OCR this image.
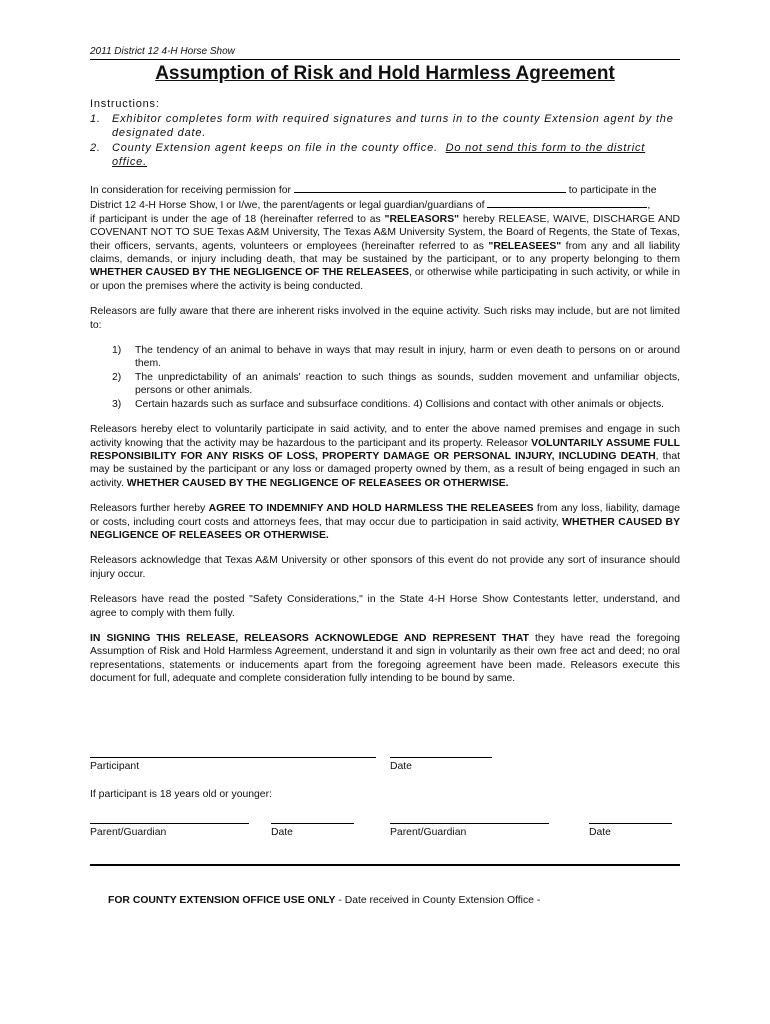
2011 District 12 4-H Horse Show
Assumption of Risk and Hold Harmless Agreement
Instructions:
1. Exhibitor completes form with required signatures and turns in to the county Extension agent by the designated date.
2. County Extension agent keeps on file in the county office. Do not send this form to the district office.

In consideration for receiving permission for	to participate in the
District 12 4-H Horse Show, I or I/we, the parent/agents or legal guardian/guardians of	,
if participant is under the age of 18 (hereinafter referred to as "RELEASORS" hereby RELEASE, WAIVE, DISCHARGE AND COVENANT NOT TO SUE Texas A&M University, The Texas A&M University System, the Board of Regents, the State of Texas, their officers, servants, agents, volunteers or employees (hereinafter referred to as "RELEASEES" from any and all liability claims, demands, or injury including death, that may be sustained by the participant, or to any property belonging to them WHETHER CAUSED BY THE NEGLIGENCE OF THE RELEASEES, or otherwise while participating in such activity, or while in or upon the premises where the activity is being conducted.

Releasors are fully aware that there are inherent risks involved in the equine activity. Such risks may include, but are not limited to:

1) The tendency of an animal to behave in ways that may result in injury, harm or even death to persons on or around them.
2) The unpredictability of an animals' reaction to such things as sounds, sudden movement and unfamiliar objects, persons or other animals.
3) Certain hazards such as surface and subsurface conditions. 4) Collisions and contact with other animals or objects.

Releasors hereby elect to voluntarily participate in said activity, and to enter the above named premises and engage in such activity knowing that the activity may be hazardous to the participant and its property. Releasor VOLUNTARILY ASSUME FULL RESPONSIBILITY FOR ANY RISKS OF LOSS, PROPERTY DAMAGE OR PERSONAL INJURY, INCLUDING DEATH, that may be sustained by the participant or any loss or damaged property owned by them, as a result of being engaged in such an activity. WHETHER CAUSED BY THE NEGLIGENCE OF RELEASEES OR OTHERWISE.

Releasors further hereby AGREE TO INDEMNIFY AND HOLD HARMLESS THE RELEASEES from any loss, liability, damage or costs, including court costs and attorneys fees, that may occur due to participation in said activity, WHETHER CAUSED BY NEGLIGENCE OF RELEASEES OR OTHERWISE.

Releasors acknowledge that Texas A&M University or other sponsors of this event do not provide any sort of insurance should injury occur.

Releasors have read the posted "Safety Considerations," in the State 4-H Horse Show Contestants letter, understand, and agree to comply with them fully.

IN SIGNING THIS RELEASE, RELEASORS ACKNOWLEDGE AND REPRESENT THAT they have read the foregoing Assumption of Risk and Hold Harmless Agreement, understand it and sign in voluntarily as their own free act and deed; no oral representations, statements or inducements apart from the foregoing agreement have been made. Releasors execute this document for full, adequate and complete consideration fully intending to be bound by same.

Participant	Date
If participant is 18 years old or younger:
Parent/Guardian	Date	Parent/Guardian	Date
FOR COUNTY EXTENSION OFFICE USE ONLY - Date received in County Extension Office -
